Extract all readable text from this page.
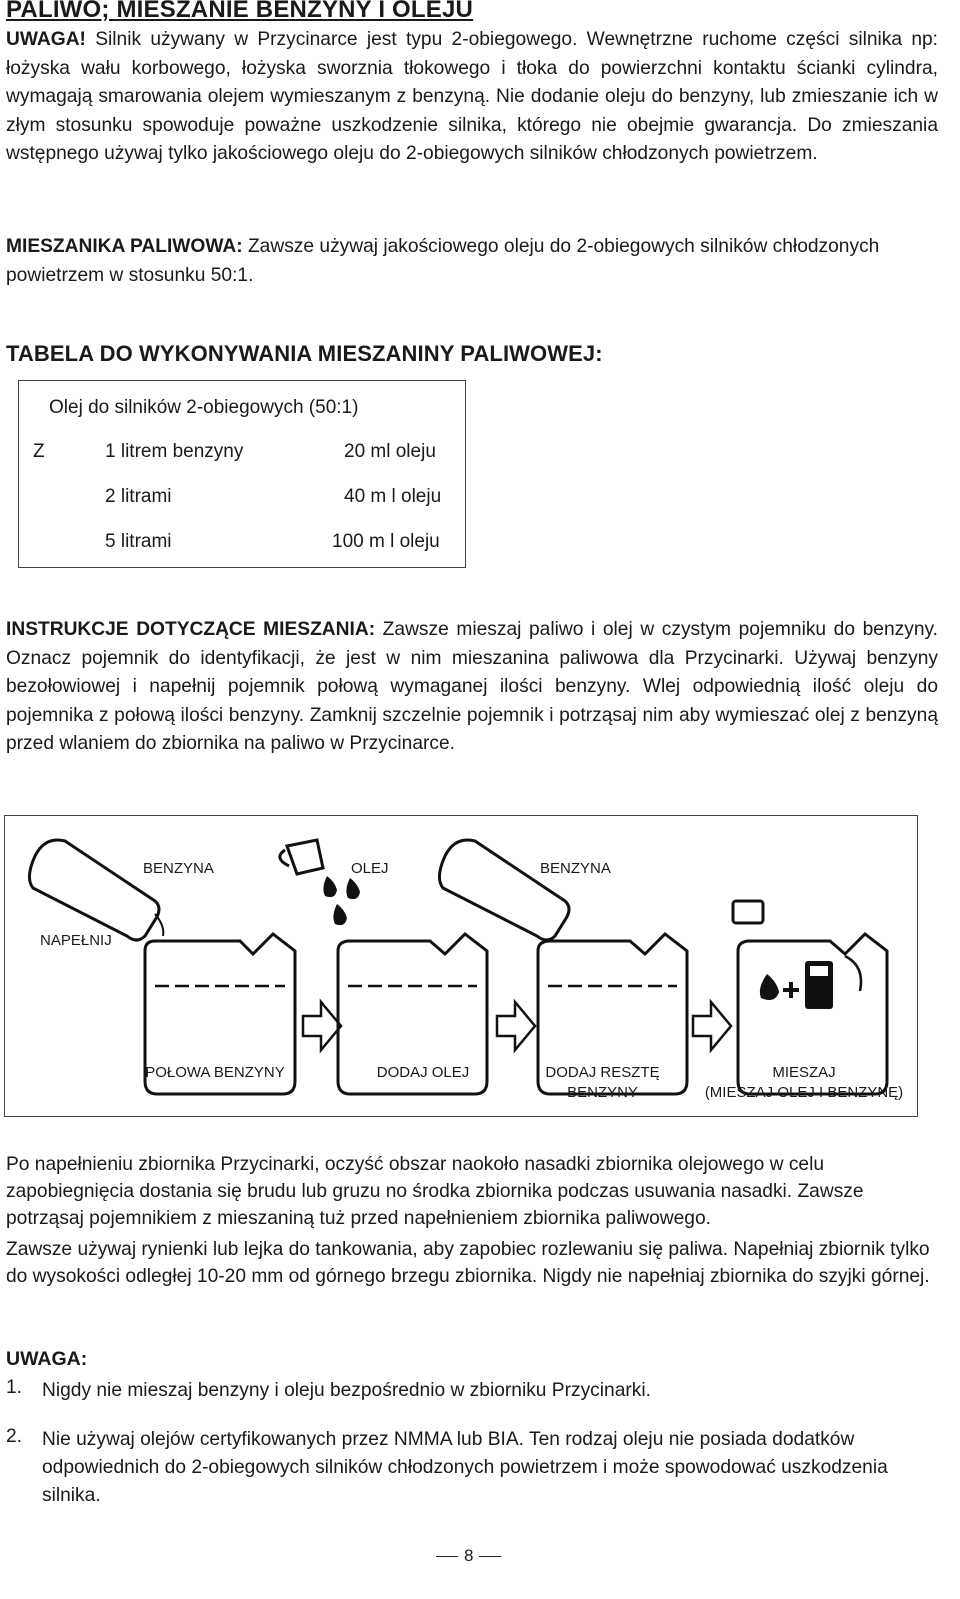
PALIWO; MIESZANIE BENZYNY I OLEJU

UWAGA! Silnik używany w Przycinarce jest typu 2-obiegowego. Wewnętrzne ruchome części silnika np: łożyska wału korbowego, łożyska sworznia tłokowego i tłoka do powierzchni kontaktu ścianki cylindra, wymagają smarowania olejem wymieszanym z benzyną. Nie dodanie oleju do benzyny, lub zmieszanie ich w złym stosunku spowoduje poważne uszkodzenie silnika, którego nie obejmie gwarancja. Do zmieszania wstępnego używaj tylko jakościowego oleju do 2-obiegowych silników chłodzonych powietrzem.

MIESZANIKA PALIWOWA: Zawsze używaj jakościowego oleju do 2-obiegowych silników chłodzonych powietrzem w stosunku 50:1.

TABELA DO WYKONYWANIA MIESZANINY PALIWOWEJ:
Olej do silników 2-obiegowych (50:1)
Z	1 litrem benzyny	20 ml oleju
2 litrami	40 m l oleju
5 litrami	100 m l oleju

INSTRUKCJE DOTYCZĄCE MIESZANIA: Zawsze mieszaj paliwo i olej w czystym pojemniku do benzyny. Oznacz pojemnik do identyfikacji, że jest w nim mieszanina paliwowa dla Przycinarki. Używaj benzyny bezołowiowej i napełnij pojemnik połową wymaganej ilości benzyny. Wlej odpowiednią ilość oleju do pojemnika z połową ilości benzyny. Zamknij szczelnie pojemnik i potrząsaj nim aby wymieszać olej z benzyną przed wlaniem do zbiornika na paliwo w Przycinarce.

BENZYNA	OLEJ	BENZYNA
NAPEŁNIJ
POŁOWA BENZYNY	DODAJ OLEJ	DODAJ RESZTĘ
BENZYNY
MIESZAJ
(MIESZAJ OLEJ I BENZYNĘ)

Po napełnieniu zbiornika Przycinarki, oczyść obszar naokoło nasadki zbiornika olejowego w celu zapobiegnięcia dostania się brudu lub gruzu no środka zbiornika podczas usuwania nasadki. Zawsze potrząsaj pojemnikiem z mieszaniną tuż przed napełnieniem zbiornika paliwowego.

Zawsze używaj rynienki lub lejka do tankowania, aby zapobiec rozlewaniu się paliwa. Napełniaj zbiornik tylko do wysokości odległej 10-20 mm od górnego brzegu zbiornika. Nigdy nie napełniaj zbiornika do szyjki górnej.

UWAGA:
1. Nigdy nie mieszaj benzyny i oleju bezpośrednio w zbiorniku Przycinarki.
2. Nie używaj olejów certyfikowanych przez NMMA lub BIA. Ten rodzaj oleju nie posiada dodatków odpowiednich do 2-obiegowych silników chłodzonych powietrzem i może spowodować uszkodzenia silnika.
8
